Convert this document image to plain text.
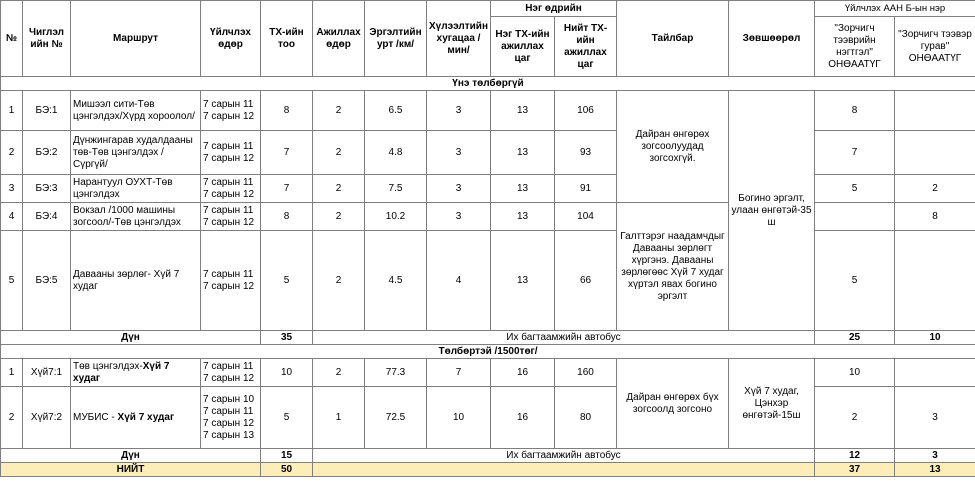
№	Чиглэл ийн №	Маршрут	Үйлчлэх өдөр	ТХ-ийн тоо	Ажиллах өдөр	Эргэлтийн урт /км/	Хүлээлтийн хугацаа /мин/	Нэг өдрийн		Тайлбар	Зөвшөөрөл	Үйлчлэх ААН Б-ын нэр	
								Нэг ТХ-ийн ажиллах цаг	Нийт ТХ-ийн ажиллах цаг			"Зорчигч тээврийн нэгтгэл" ОНӨААТҮГ	"Зорчигч тээвэр гурав" ОНӨААТҮГ

Үнэ төлбөргүй													
1	БЭ:1	Мишээл сити-Төв цэнгэлдэх/Хүрд хороолол/	7 сарын 11
7 сарын 12	8	2	6.5	3	13	106	Дайран өнгөрөх зогсоолуудад зогсохгүй.	Богино эргэлт, улаан өнгөтэй-35 ш	8	
2	БЭ:2	Дүнжингарав худалдааны төв-Төв цэнгэлдэх /Сүргүй/	7 сарын 11
7 сарын 12	7	2	4.8	3	13	93			7	
3	БЭ:3	Нарантуул ОУХТ-Төв цэнгэлдэх	7 сарын 11
7 сарын 12	7	2	7.5	3	13	91			5	2
4	БЭ:4	Вокзал /1000 машины зогсоол/-Төв цэнгэлдэх	7 сарын 11
7 сарын 12	8	2	10.2	3	13	104	Галттэрэг наадамчдыг Давааны зөрлөгт хүргэнэ. Давааны зөрлөгөөс Хүй 7 худаг хүртэл явах богино эргэлт			8
5	БЭ:5	Давааны зөрлөг- Хүй 7 худаг	7 сарын 11
7 сарын 12	5	2	4.5	4	13	66			5	
Дүн				35	Их багтаамжийн автобус							25	10
Төлбөртэй /1500төг/													
1	Хүй7:1	Төв цэнгэлдэх-Хүй 7 худаг	7 сарын 11
7 сарын 12	10	2	77.3	7	16	160	Дайран өнгөрөх бүх зогсоолд зогсоно	Хүй 7 худаг, Цэнхэр өнгөтэй-15ш	10	
2	Хүй7:2	МУБИС - Хүй 7 худаг	7 сарын 10
7 сарын 11
7 сарын 12
7 сарын 13	5	1	72.5	10	16	80			2	3
Дүн				15	Их багтаамжийн автобус							12	3
НИЙТ				50								37	13
